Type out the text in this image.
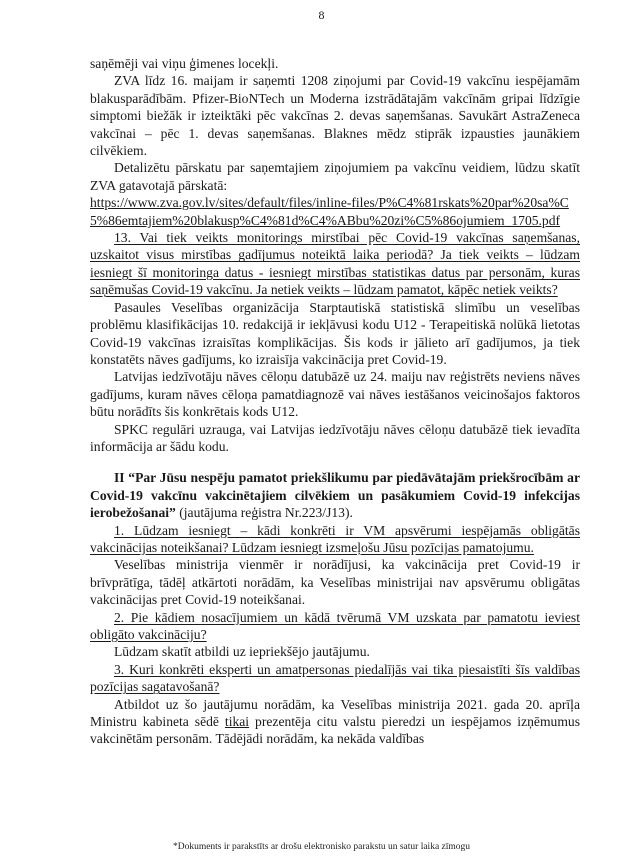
8

saņēmēji vai viņu ģimenes locekļi.

ZVA līdz 16. maijam ir saņemti 1208 ziņojumi par Covid-19 vakcīnu iespējamām blakusparādībām. Pfizer-BioNTech un Moderna izstrādātajām vakcīnām gripai līdzīgie simptomi biežāk ir izteiktāki pēc vakcīnas 2. devas saņemšanas. Savukārt AstraZeneca vakcīnai – pēc 1. devas saņemšanas. Blaknes mēdz stiprāk izpausties jaunākiem cilvēkiem.

Detalizētu pārskatu par saņemtajiem ziņojumiem pa vakcīnu veidiem, lūdzu skatīt ZVA gatavotajā pārskatā:

https://www.zva.gov.lv/sites/default/files/inline-files/P%C4%81rskats%20par%20sa%C5%86emtajiem%20blakusp%C4%81d%C4%ABbu%20zi%C5%86ojumiem_1705.pdf

13. Vai tiek veikts monitorings mirstībai pēc Covid-19 vakcīnas saņemšanas, uzskaitot visus mirstības gadījumus noteiktā laika periodā? Ja tiek veikts – lūdzam iesniegt šī monitoringa datus - iesniegt mirstības statistikas datus par personām, kuras saņēmušas Covid-19 vakcīnu. Ja netiek veikts – lūdzam pamatot, kāpēc netiek veikts?

Pasaules Veselības organizācija Starptautiskā statistiskā slimību un veselības problēmu klasifikācijas 10. redakcijā ir iekļāvusi kodu U12 - Terapeitiskā nolūkā lietotas Covid-19 vakcīnas izraisītas komplikācijas. Šis kods ir jālieto arī gadījumos, ja tiek konstatēts nāves gadījums, ko izraisīja vakcinācija pret Covid-19.

Latvijas iedzīvotāju nāves cēloņu datubāzē uz 24. maiju nav reģistrēts neviens nāves gadījums, kuram nāves cēloņa pamatdiagnozē vai nāves iestāšanos veicinošajos faktoros būtu norādīts šis konkrētais kods U12.

SPKC regulāri uzrauga, vai Latvijas iedzīvotāju nāves cēloņu datubāzē tiek ievadīta informācija ar šādu kodu.

II “Par Jūsu nespēju pamatot priekšlikumu par piedāvātajām priekšrocībām ar Covid-19 vakcīnu vakcinētajiem cilvēkiem un pasākumiem Covid-19 infekcijas ierobežošanai” (jautājuma reģistra Nr.223/J13).

1. Lūdzam iesniegt – kādi konkrēti ir VM apsvērumi iespējamās obligātās vakcinācijas noteikšanai? Lūdzam iesniegt izsmeļošu Jūsu pozīcijas pamatojumu.

Veselības ministrija vienmēr ir norādījusi, ka vakcinācija pret Covid-19 ir brīvprātīga, tādēļ atkārtoti norādām, ka Veselības ministrijai nav apsvērumu obligātas vakcinācijas pret Covid-19 noteikšanai.

2. Pie kādiem nosacījumiem un kādā tvērumā VM uzskata par pamatotu ieviest obligāto vakcināciju?

Lūdzam skatīt atbildi uz iepriekšējo jautājumu.

3. Kuri konkrēti eksperti un amatpersonas piedalījās vai tika piesaistīti šīs valdības pozīcijas sagatavošanā?

Atbildot uz šo jautājumu norādām, ka Veselības ministrija 2021. gada 20. aprīļa Ministru kabineta sēdē tikai prezentēja citu valstu pieredzi un iespējamos izņēmumus vakcinētām personām. Tādējādi norādām, ka nekāda valdības

*Dokuments ir parakstīts ar drošu elektronisko parakstu un satur laika zīmogu
